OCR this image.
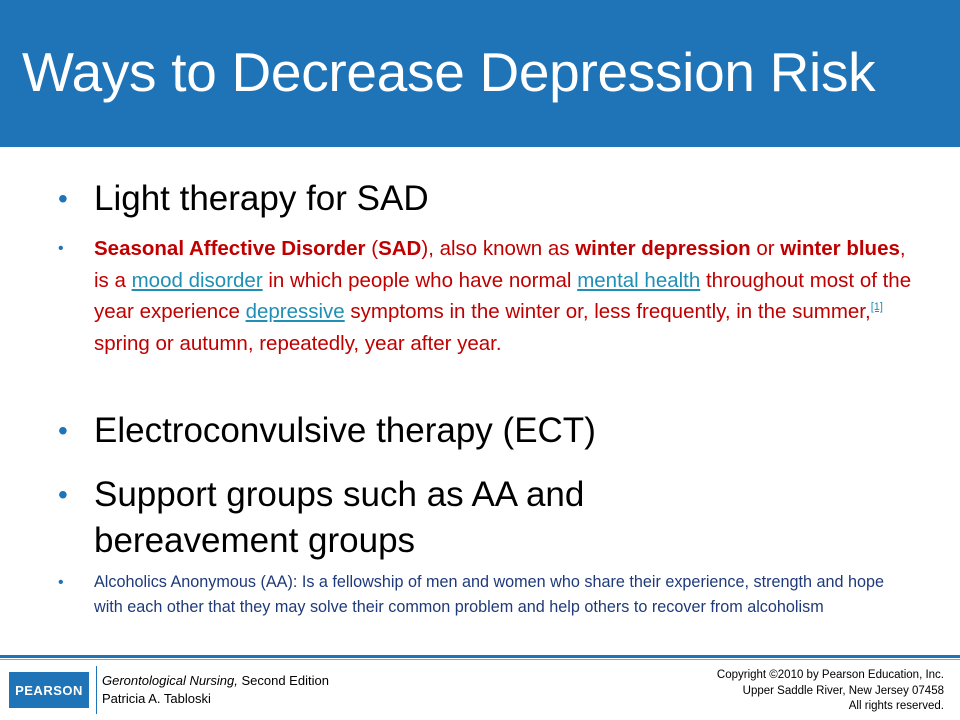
Ways to Decrease Depression Risk
• Light therapy for SAD
• Seasonal Affective Disorder (SAD), also known as winter depression or winter blues, is a mood disorder in which people who have normal mental health throughout most of the year experience depressive symptoms in the winter or, less frequently, in the summer,[1] spring or autumn, repeatedly, year after year.
• Electroconvulsive therapy (ECT)
• Support groups such as AA and bereavement groups
• Alcoholics Anonymous (AA): Is a fellowship of men and women who share their experience, strength and hope with each other that they may solve their common problem and help others to recover from alcoholism
PEARSON
Gerontological Nursing, Second Edition
Patricia A. Tabloski
Copyright ©2010 by Pearson Education, Inc.
Upper Saddle River, New Jersey 07458
All rights reserved.
